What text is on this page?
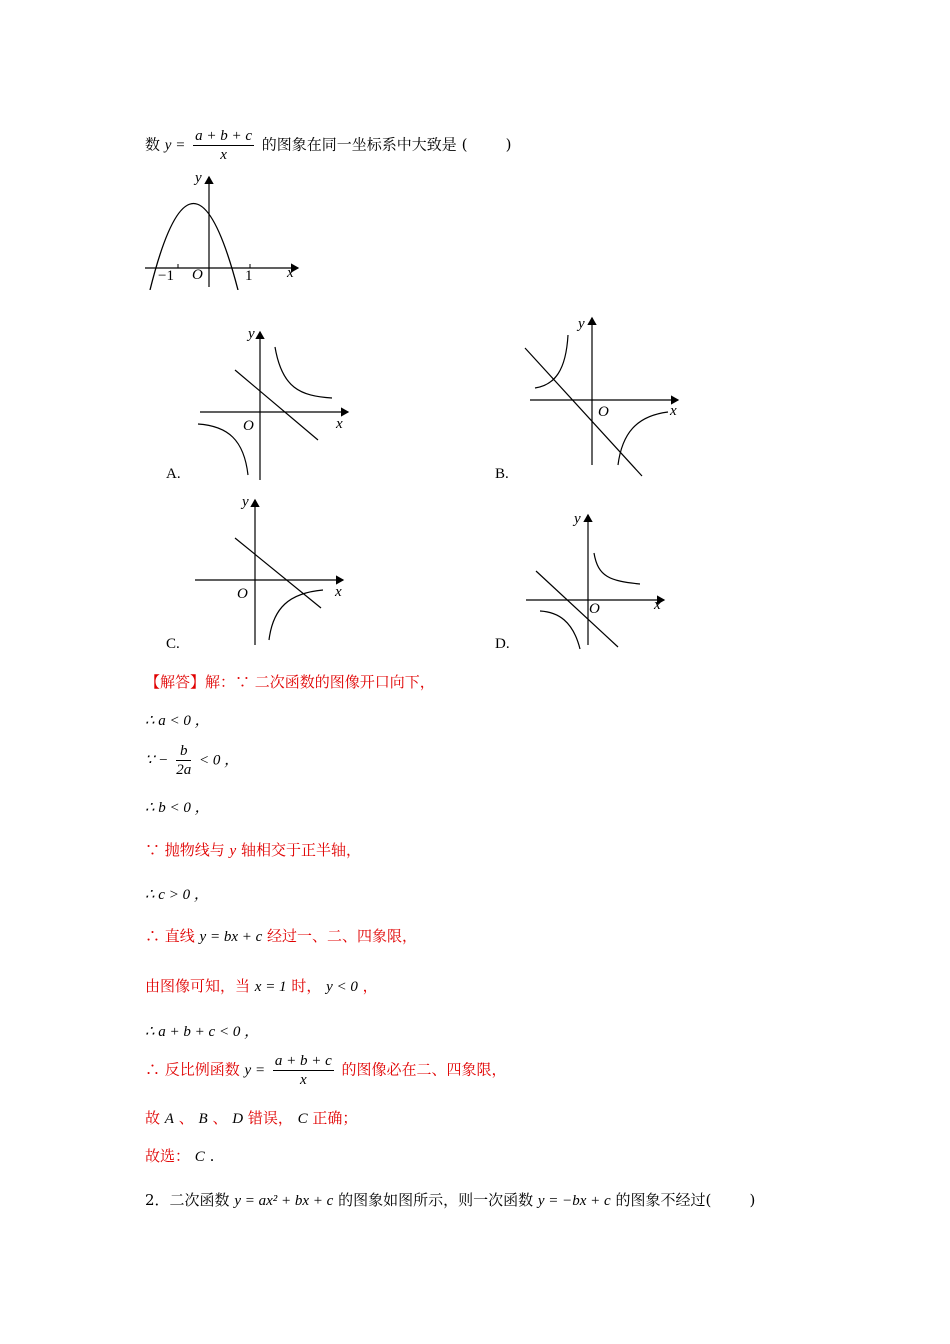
数 $y = \frac{a + b + c}{x}$ 的图象在同一坐标系中大致是 (        )
y
x
O
−1	1
y
x
O
A.
y
x
O
B.
y
x
O
C.
y
x
O
D.
【解答】解：∵ 二次函数的图像开口向下，
∴ a < 0 ，
∵ − $\frac{b}{2a} < 0$ ，
∴ b < 0 ，
∵ 抛物线与 y 轴相交于正半轴，
∴ c > 0 ，
∴ 直线 y = bx + c 经过一、二、四象限，
由图像可知，当 x = 1 时， y < 0 ，
∴ a + b + c < 0 ，
∴ 反比例函数 $y = \frac{a + b + c}{x}$ 的图像必在二、四象限，
故 A 、 B 、 D 错误， C 正确；
故选： C .
2．二次函数 y = ax² + bx + c 的图象如图所示，则一次函数 y = −bx + c 的图象不经过(        )
